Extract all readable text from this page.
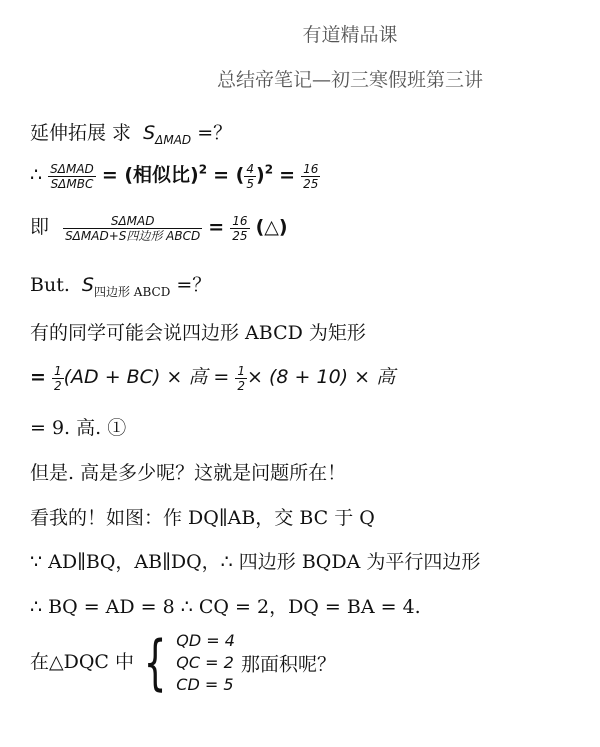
有道精品课
总结帝笔记—初三寒假班第三讲
延伸拓展 求 $S_{\Delta MAD}$ =？
∴ $\frac{\text{SΔMAD}}{\text{SΔMBC}}$ = (相似比)$^2$ = ( $\frac{4}{5} )^2 = \frac{16}{25}$
即 $\frac{\text{SΔMAD}}{\text{SΔMAD+S四边形 ABCD}} = \frac{16}{25}$ (△)
But. $S_{四边形 ABCD}$ =？
有的同学可能会说四边形 ABCD 为矩形
= $\frac{1}{2} (AD + BC)$ × 高 = $\frac{1}{2} \times (8 + 10)$ × 高
= 9. 高. ①
但是. 高是多少呢？这就是问题所在！
看我的！如图：作 DQ∥AB，交 BC 于 Q
∵ AD∥BQ，AB∥DQ，∴ 四边形 BQDA 为平行四边形
∴ BQ = AD = 8 ∴ CQ = 2，DQ = BA = 4.
在△DQC 中 { QD = 4
QC = 2
CD = 5
那面积呢？
